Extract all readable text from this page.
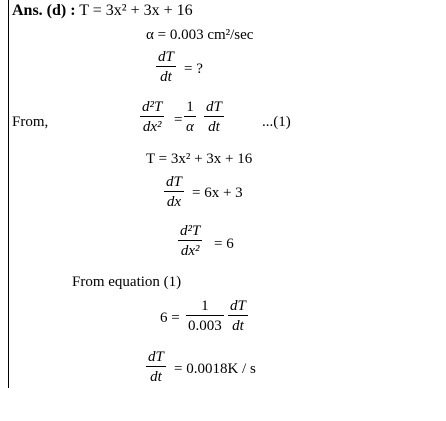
Ans. (d) : T = 3x² + 3x + 16
α = 0.003 cm²/sec
$\frac{dT}{dt}$ = ?
From,	$\frac{\text{d²T}}{\text{dx²}} = \frac{1}{\alpha} \frac{dT}{dt}$	...(1)
T = 3x² + 3x + 16
$\frac{dT}{dx} = 6x + 3$
$\frac{\text{d²T}}{\text{dx²}} = 6$
From equation (1)
$6 = \frac{1}{0.003} \frac{dT}{dt}$
$\frac{dT}{dt} = 0.0018K / s$
